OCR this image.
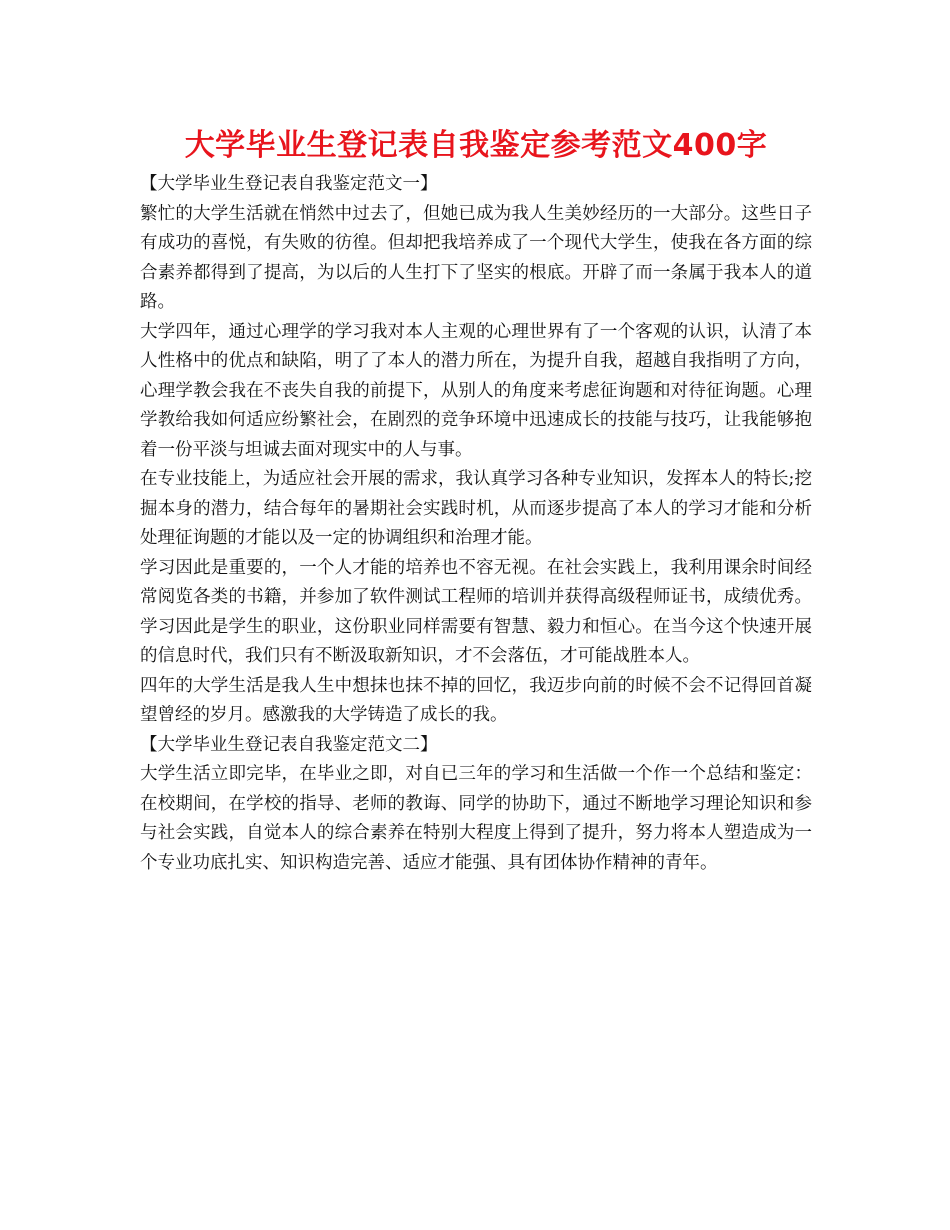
大学毕业生登记表自我鉴定参考范文400字
【大学毕业生登记表自我鉴定范文一】

繁忙的大学生活就在悄然中过去了，但她已成为我人生美妙经历的一大部分。这些日子有成功的喜悦，有失败的彷徨。但却把我培养成了一个现代大学生，使我在各方面的综合素养都得到了提高，为以后的人生打下了坚实的根底。开辟了而一条属于我本人的道路。

大学四年，通过心理学的学习我对本人主观的心理世界有了一个客观的认识，认清了本人性格中的优点和缺陷，明了了本人的潜力所在，为提升自我，超越自我指明了方向，心理学教会我在不丧失自我的前提下，从别人的角度来考虑征询题和对待征询题。心理学教给我如何适应纷繁社会，在剧烈的竞争环境中迅速成长的技能与技巧，让我能够抱着一份平淡与坦诚去面对现实中的人与事。

在专业技能上，为适应社会开展的需求，我认真学习各种专业知识，发挥本人的特长;挖掘本身的潜力，结合每年的暑期社会实践时机，从而逐步提高了本人的学习才能和分析处理征询题的才能以及一定的协调组织和治理才能。

学习因此是重要的，一个人才能的培养也不容无视。在社会实践上，我利用课余时间经常阅览各类的书籍，并参加了软件测试工程师的培训并获得高级程师证书，成绩优秀。学习因此是学生的职业，这份职业同样需要有智慧、毅力和恒心。在当今这个快速开展的信息时代，我们只有不断汲取新知识，才不会落伍，才可能战胜本人。

四年的大学生活是我人生中想抹也抹不掉的回忆，我迈步向前的时候不会不记得回首凝望曾经的岁月。感激我的大学铸造了成长的我。

【大学毕业生登记表自我鉴定范文二】

大学生活立即完毕，在毕业之即，对自已三年的学习和生活做一个作一个总结和鉴定：在校期间，在学校的指导、老师的教诲、同学的协助下，通过不断地学习理论知识和参与社会实践，自觉本人的综合素养在特别大程度上得到了提升，努力将本人塑造成为一个专业功底扎实、知识构造完善、适应才能强、具有团体协作精神的青年。
